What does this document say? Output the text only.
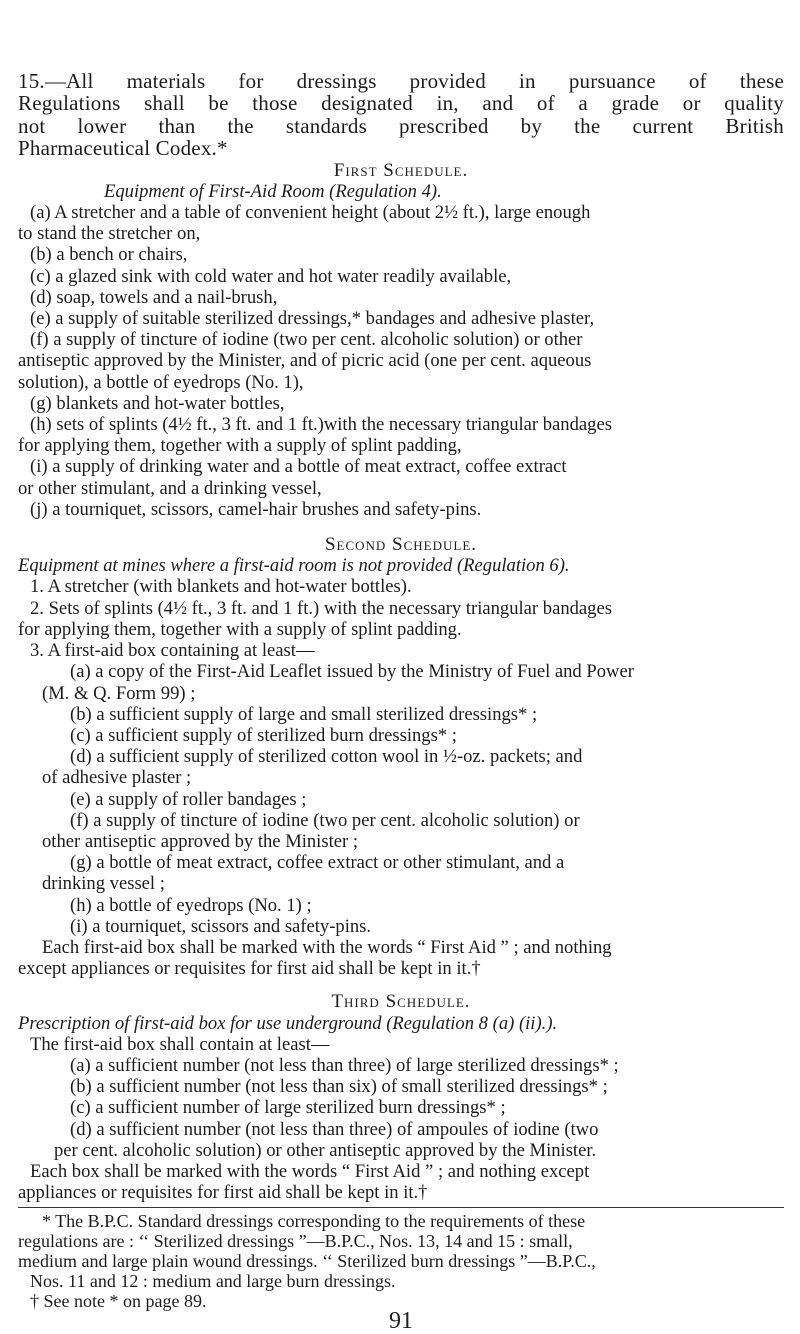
15.—All materials for dressings provided in pursuance of these
Regulations shall be those designated in, and of a grade or quality
not lower than the standards prescribed by the current British
Pharmaceutical Codex.*
First Schedule.
Equipment of First-Aid Room (Regulation 4).
(a) A stretcher and a table of convenient height (about 2½ ft.), large enough
to stand the stretcher on,
(b) a bench or chairs,
(c) a glazed sink with cold water and hot water readily available,
(d) soap, towels and a nail-brush,
(e) a supply of suitable sterilized dressings,* bandages and adhesive plaster,
(f) a supply of tincture of iodine (two per cent. alcoholic solution) or other
antiseptic approved by the Minister, and of picric acid (one per cent. aqueous
solution), a bottle of eyedrops (No. 1),
(g) blankets and hot-water bottles,
(h) sets of splints (4½ ft., 3 ft. and 1 ft.)with the necessary triangular bandages
for applying them, together with a supply of splint padding,
(i) a supply of drinking water and a bottle of meat extract, coffee extract
or other stimulant, and a drinking vessel,
(j) a tourniquet, scissors, camel-hair brushes and safety-pins.
Second Schedule.
Equipment at mines where a first-aid room is not provided (Regulation 6).
1. A stretcher (with blankets and hot-water bottles).
2. Sets of splints (4½ ft., 3 ft. and 1 ft.) with the necessary triangular bandages
for applying them, together with a supply of splint padding.
3. A first-aid box containing at least—
(a) a copy of the First-Aid Leaflet issued by the Ministry of Fuel and Power
(M. & Q. Form 99) ;
(b) a sufficient supply of large and small sterilized dressings* ;
(c) a sufficient supply of sterilized burn dressings* ;
(d) a sufficient supply of sterilized cotton wool in ½-oz. packets; and
of adhesive plaster ;
(e) a supply of roller bandages ;
(f) a supply of tincture of iodine (two per cent. alcoholic solution) or
other antiseptic approved by the Minister ;
(g) a bottle of meat extract, coffee extract or other stimulant, and a
drinking vessel ;
(h) a bottle of eyedrops (No. 1) ;
(i) a tourniquet, scissors and safety-pins.
Each first-aid box shall be marked with the words “ First Aid ” ; and nothing
except appliances or requisites for first aid shall be kept in it.†
Third Schedule.
Prescription of first-aid box for use underground (Regulation 8 (a) (ii).).
The first-aid box shall contain at least—
(a) a sufficient number (not less than three) of large sterilized dressings* ;
(b) a sufficient number (not less than six) of small sterilized dressings* ;
(c) a sufficient number of large sterilized burn dressings* ;
(d) a sufficient number (not less than three) of ampoules of iodine (two
per cent. alcoholic solution) or other antiseptic approved by the Minister.
Each box shall be marked with the words “ First Aid ” ; and nothing except
appliances or requisites for first aid shall be kept in it.†
* The B.P.C. Standard dressings corresponding to the requirements of these
regulations are : ‘‘ Sterilized dressings ”—B.P.C., Nos. 13, 14 and 15 : small,
medium and large plain wound dressings. ‘‘ Sterilized burn dressings ”—B.P.C.,
Nos. 11 and 12 : medium and large burn dressings.
† See note * on page 89.
91
